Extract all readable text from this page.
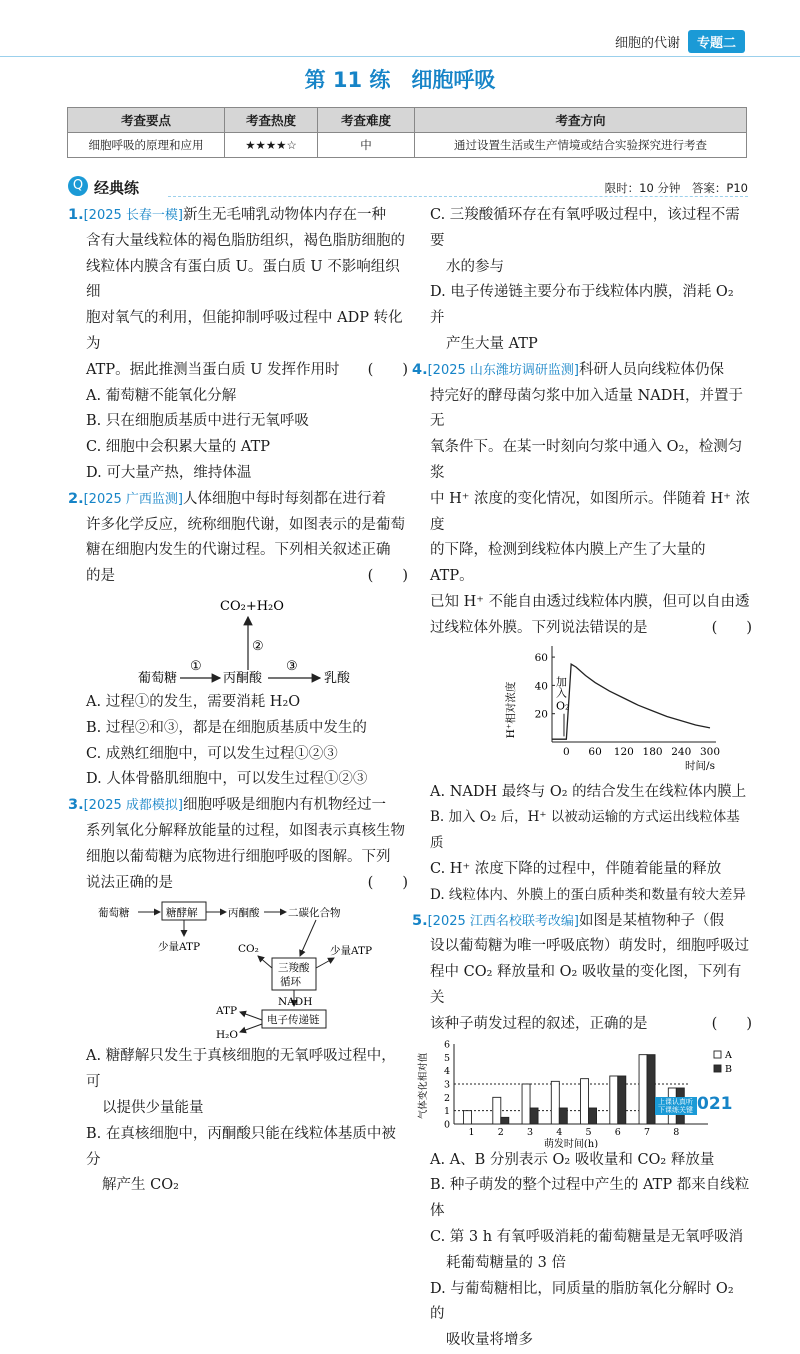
细胞的代谢	专题二
第 11 练　细胞呼吸
考查要点	考查热度	考查难度	考查方向
细胞呼吸的原理和应用	★★★★☆	中	通过设置生活或生产情境或结合实验探究进行考查
Q 经典练	限时：10 分钟　答案：P10

1.[2025 长春一模]新生无毛哺乳动物体内存在一种

含有大量线粒体的褐色脂肪组织，褐色脂肪细胞的

线粒体内膜含有蛋白质 U。蛋白质 U 不影响组织细

胞对氧气的利用，但能抑制呼吸过程中 ADP 转化为

ATP。据此推测当蛋白质 U 发挥作用时 (　　)

A. 葡萄糖不能氧化分解

B. 只在细胞质基质中进行无氧呼吸

C. 细胞中会积累大量的 ATP

D. 可大量产热，维持体温

2.[2025 广西监测]人体细胞中每时每刻都在进行着

许多化学反应，统称细胞代谢，如图表示的是葡萄

糖在细胞内发生的代谢过程。下列相关叙述正确

的是	(　　)

CO₂+H₂O
②
葡萄糖
①
丙酮酸
③
乳酸

A. 过程①的发生，需要消耗 H₂O

B. 过程②和③，都是在细胞质基质中发生的

C. 成熟红细胞中，可以发生过程①②③

D. 人体骨骼肌细胞中，可以发生过程①②③

3.[2025 成都模拟]细胞呼吸是细胞内有机物经过一

系列氧化分解释放能量的过程，如图表示真核生物

细胞以葡萄糖为底物进行细胞呼吸的图解。下列

说法正确的是	(　　)

葡萄糖	糖酵解	丙酮酸	二碳化合物
少量ATP
三羧酸
循环
CO₂	少量ATP
NADH
电子传递链
ATP
H₂O

A. 糖酵解只发生于真核细胞的无氧呼吸过程中，可

以提供少量能量

B. 在真核细胞中，丙酮酸只能在线粒体基质中被分

解产生 CO₂

C. 三羧酸循环存在有氧呼吸过程中，该过程不需要

水的参与

D. 电子传递链主要分布于线粒体内膜，消耗 O₂ 并

产生大量 ATP

4.[2025 山东潍坊调研监测]科研人员向线粒体仍保

持完好的酵母菌匀浆中加入适量 NADH，并置于无

氧条件下。在某一时刻向匀浆中通入 O₂，检测匀浆

中 H⁺ 浓度的变化情况，如图所示。伴随着 H⁺ 浓度

的下降，检测到线粒体内膜上产生了大量的 ATP。

已知 H⁺ 不能自由透过线粒体内膜，但可以自由透

过线粒体外膜。下列说法错误的是	(　　)

0 60 120 180 240 300
20
40
60
时间/s
H⁺相对浓度	加
入
O₂

A. NADH 最终与 O₂ 的结合发生在线粒体内膜上

B. 加入 O₂ 后，H⁺ 以被动运输的方式运出线粒体基质

C. H⁺ 浓度下降的过程中，伴随着能量的释放

D. 线粒体内、外膜上的蛋白质种类和数量有较大差异

5.[2025 江西名校联考改编]如图是某植物种子（假

设以葡萄糖为唯一呼吸底物）萌发时，细胞呼吸过

程中 CO₂ 释放量和 O₂ 吸收量的变化图，下列有关

该种子萌发过程的叙述，正确的是	(　　)

0
1
2
3
4
5
6
1 2 3 4 5 6 7 8
萌发时间(h)
气体变化相对值	A
B

A. A、B 分别表示 O₂ 吸收量和 CO₂ 释放量

B. 种子萌发的整个过程中产生的 ATP 都来自线粒体

C. 第 3 h 有氧呼吸消耗的葡萄糖量是无氧呼吸消

耗葡萄糖量的 3 倍

D. 与葡萄糖相比，同质量的脂肪氧化分解时 O₂ 的

吸收量将增多

上课认真听 下课练关键 021
